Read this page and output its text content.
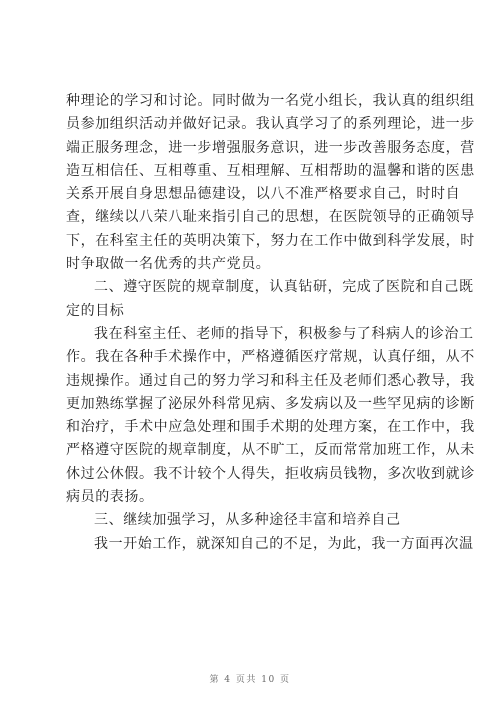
种理论的学习和讨论。同时做为一名党小组长，我认真的组织组
员参加组织活动并做好记录。我认真学习了的系列理论，进一步
端正服务理念，进一步增强服务意识，进一步改善服务态度，营
造互相信任、互相尊重、互相理解、互相帮助的温馨和谐的医患
关系开展自身思想品德建设，以八不准严格要求自己，时时自
查，继续以八荣八耻来指引自己的思想，在医院领导的正确领导
下，在科室主任的英明决策下，努力在工作中做到科学发展，时
时争取做一名优秀的共产党员。
二、遵守医院的规章制度，认真钻研，完成了医院和自己既
定的目标
我在科室主任、老师的指导下，积极参与了科病人的诊治工
作。我在各种手术操作中，严格遵循医疗常规，认真仔细，从不
违规操作。通过自己的努力学习和科主任及老师们悉心教导，我
更加熟练掌握了泌尿外科常见病、多发病以及一些罕见病的诊断
和治疗，手术中应急处理和围手术期的处理方案，在工作中，我
严格遵守医院的规章制度，从不旷工，反而常常加班工作，从未
休过公休假。我不计较个人得失，拒收病员钱物，多次收到就诊
病员的表扬。
三、继续加强学习，从多种途径丰富和培养自己
我一开始工作，就深知自己的不足，为此，我一方面再次温
第 4 页共 10 页
